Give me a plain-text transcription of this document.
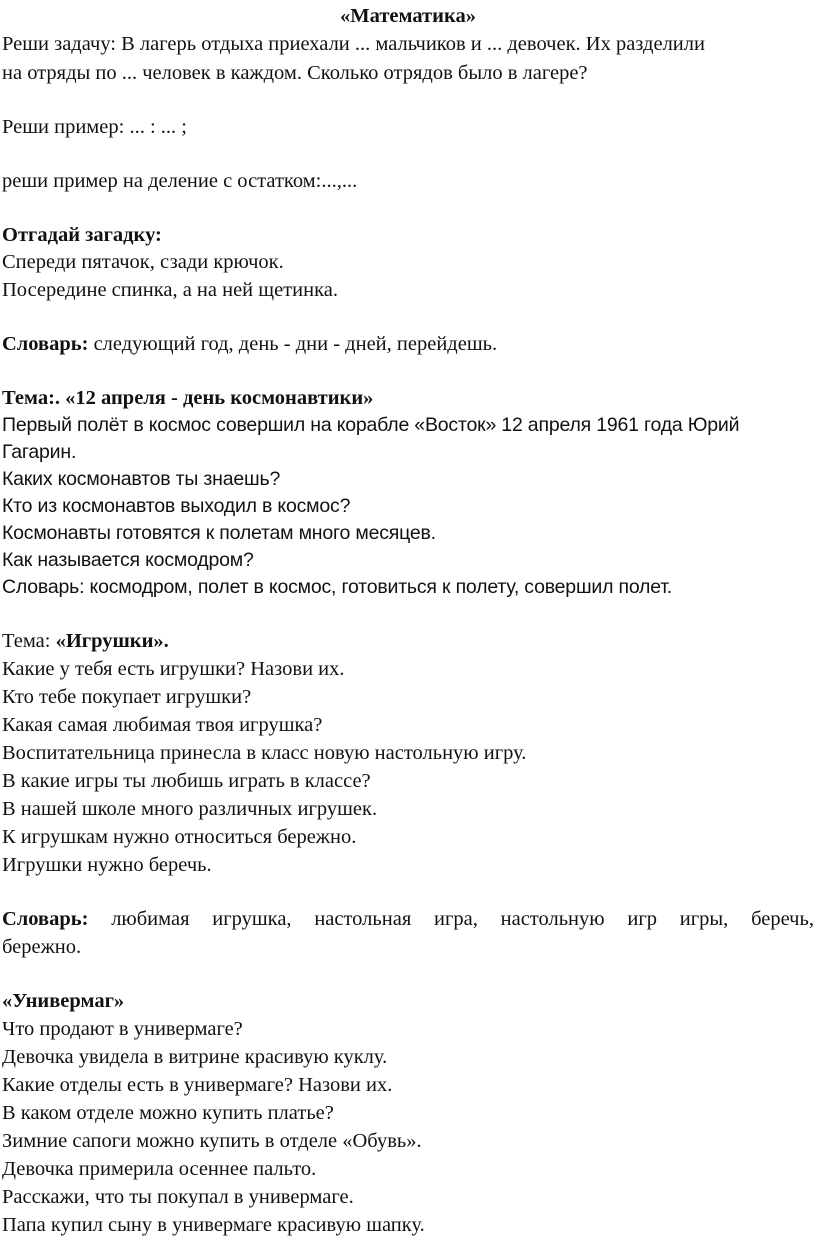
«Математика»
Реши задачу: В лагерь отдыха приехали ... мальчиков и ... девочек. Их разделили
на отряды по ... человек в каждом. Сколько отрядов было в лагере?
Реши пример: ... : ... ;
реши пример на деление с остатком:...,...
Отгадай загадку:
Спереди пятачок, сзади крючок.
Посередине спинка, а на ней щетинка.
Словарь: следующий год, день - дни - дней, перейдешь.
Тема:. «12 апреля - день космонавтики»
Первый полёт в космос совершил на корабле «Восток» 12 апреля 1961 года Юрий
Гагарин.
Каких космонавтов ты знаешь?
Кто из космонавтов выходил в космос?
Космонавты готовятся к полетам много месяцев.
Как называется космодром?
Словарь: космодром, полет в космос, готовиться к полету, совершил полет.
Тема: «Игрушки».
Какие у тебя есть игрушки? Назови их.
Кто тебе покупает игрушки?
Какая самая любимая твоя игрушка?
Воспитательница принесла в класс новую настольную игру.
В какие игры ты любишь играть в классе?
В нашей школе много различных игрушек.
К игрушкам нужно относиться бережно.
Игрушки нужно беречь.
Словарь: любимая игрушка, настольная игра, настольную игр игры, беречь,
бережно.
«Универмаг»
Что продают в универмаге?
Девочка увидела в витрине красивую куклу.
Какие отделы есть в универмаге? Назови их.
В каком отделе можно купить платье?
Зимние сапоги можно купить в отделе «Обувь».
Девочка примерила осеннее пальто.
Расскажи, что ты покупал в универмаге.
Папа купил сыну в универмаге красивую шапку.
